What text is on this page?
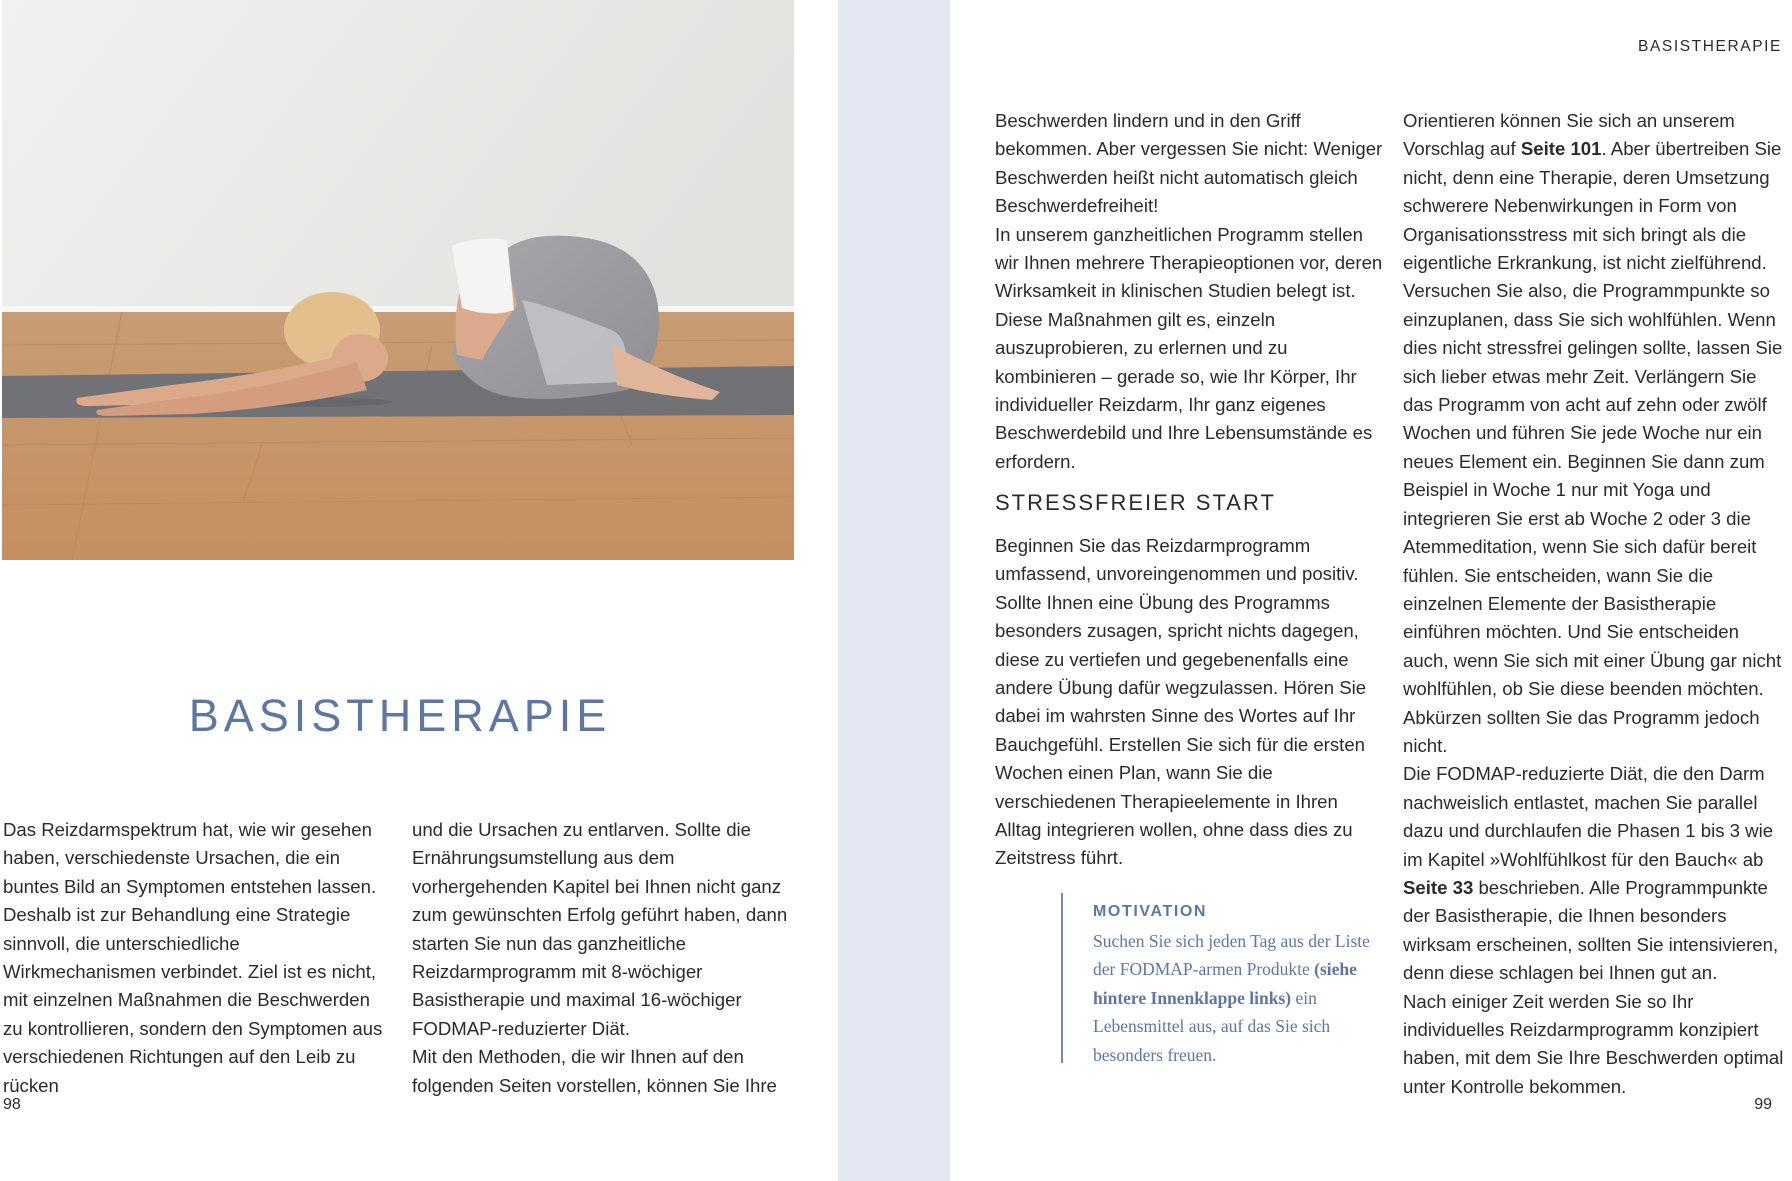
BASISTHERAPIE

Das Reizdarmspektrum hat, wie wir gesehen haben, verschiedenste Ursachen, die ein buntes Bild an Symptomen entstehen lassen. Deshalb ist zur Behandlung eine Strategie sinnvoll, die unterschiedliche Wirkmechanismen verbindet. Ziel ist es nicht, mit einzelnen Maßnahmen die Beschwerden zu kontrollieren, sondern den Symptomen aus verschiedenen Richtungen auf den Leib zu rücken

und die Ursachen zu entlarven. Sollte die Ernährungsumstellung aus dem vorhergehenden Kapitel bei Ihnen nicht ganz zum gewünschten Erfolg geführt haben, dann starten Sie nun das ganzheitliche Reizdarmprogramm mit 8-wöchiger Basistherapie und maximal 16-wöchiger FODMAP-reduzierter Diät.

Mit den Methoden, die wir Ihnen auf den folgenden Seiten vorstellen, können Sie Ihre

98
BASISTHERAPIE

Beschwerden lindern und in den Griff bekommen. Aber vergessen Sie nicht: Weniger Beschwerden heißt nicht automatisch gleich Beschwerdefreiheit!

In unserem ganzheitlichen Programm stellen wir Ihnen mehrere Therapieoptionen vor, deren Wirksamkeit in klinischen Studien belegt ist. Diese Maßnahmen gilt es, einzeln auszuprobieren, zu erlernen und zu kombinieren – gerade so, wie Ihr Körper, Ihr individueller Reizdarm, Ihr ganz eigenes Beschwerdebild und Ihre Lebensumstände es erfordern.

STRESSFREIER START

Beginnen Sie das Reizdarmprogramm umfassend, unvoreingenommen und positiv. Sollte Ihnen eine Übung des Programms besonders zusagen, spricht nichts dagegen, diese zu vertiefen und gegebenenfalls eine andere Übung dafür wegzulassen. Hören Sie dabei im wahrsten Sinne des Wortes auf Ihr Bauchgefühl. Erstellen Sie sich für die ersten Wochen einen Plan, wann Sie die verschiedenen Therapieelemente in Ihren Alltag integrieren wollen, ohne dass dies zu Zeitstress führt.

MOTIVATION

Suchen Sie sich jeden Tag aus der Liste der FODMAP-armen Produkte (siehe hintere Innenklappe links) ein Lebensmittel aus, auf das Sie sich besonders freuen.

Orientieren können Sie sich an unserem Vorschlag auf Seite 101. Aber übertreiben Sie nicht, denn eine Therapie, deren Umsetzung schwerere Nebenwirkungen in Form von Organisationsstress mit sich bringt als die eigentliche Erkrankung, ist nicht zielführend. Versuchen Sie also, die Programmpunkte so einzuplanen, dass Sie sich wohlfühlen. Wenn dies nicht stressfrei gelingen sollte, lassen Sie sich lieber etwas mehr Zeit. Verlängern Sie das Programm von acht auf zehn oder zwölf Wochen und führen Sie jede Woche nur ein neues Element ein. Beginnen Sie dann zum Beispiel in Woche 1 nur mit Yoga und integrieren Sie erst ab Woche 2 oder 3 die Atemmeditation, wenn Sie sich dafür bereit fühlen. Sie entscheiden, wann Sie die einzelnen Elemente der Basistherapie einführen möchten. Und Sie entscheiden auch, wenn Sie sich mit einer Übung gar nicht wohlfühlen, ob Sie diese beenden möchten. Abkürzen sollten Sie das Programm jedoch nicht.

Die FODMAP-reduzierte Diät, die den Darm nachweislich entlastet, machen Sie parallel dazu und durchlaufen die Phasen 1 bis 3 wie im Kapitel »Wohlfühlkost für den Bauch« ab Seite 33 beschrieben. Alle Programmpunkte der Basistherapie, die Ihnen besonders wirksam erscheinen, sollten Sie intensivieren, denn diese schlagen bei Ihnen gut an.

Nach einiger Zeit werden Sie so Ihr individuelles Reizdarmprogramm konzipiert haben, mit dem Sie Ihre Beschwerden optimal unter Kontrolle bekommen.

99
